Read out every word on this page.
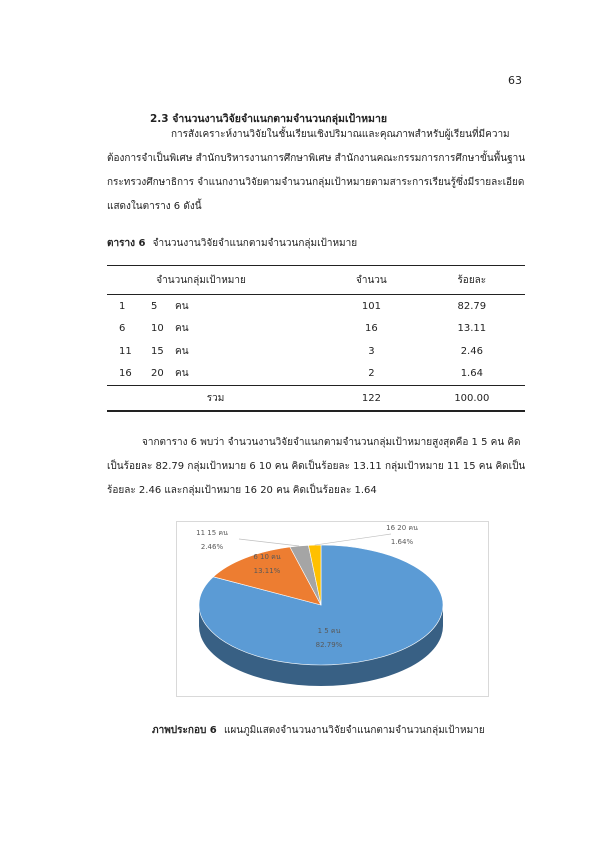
63
2.3 จำนวนงานวิจัยจำแนกตามจำนวนกลุ่มเป้าหมาย
การสังเคราะห์งานวิจัยในชั้นเรียนเชิงปริมาณและคุณภาพสำหรับผู้เรียนที่มีความ
ต้องการจำเป็นพิเศษ สำนักบริหารงานการศึกษาพิเศษ สำนักงานคณะกรรมการการศึกษาขั้นพื้นฐาน
กระทรวงศึกษาธิการ จำแนกงานวิจัยตามจำนวนกลุ่มเป้าหมายตามสาระการเรียนรู้ซึ่งมีรายละเอียด
แสดงในตาราง 6 ดังนี้
ตาราง 6 จำนวนงานวิจัยจำแนกตามจำนวนกลุ่มเป้าหมาย
จำนวนกลุ่มเป้าหมาย	จำนวน	ร้อยละ
1 5 คน	101	82.79
6 10 คน	16	13.11
11 15 คน	3	2.46
16 20 คน	2	1.64
รวม	122	100.00
จากตาราง 6 พบว่า จำนวนงานวิจัยจำแนกตามจำนวนกลุ่มเป้าหมายสูงสุดคือ 1 5 คน คิด
เป็นร้อยละ 82.79 กลุ่มเป้าหมาย 6 10 คน คิดเป็นร้อยละ 13.11 กลุ่มเป้าหมาย 11 15 คน คิดเป็น
ร้อยละ 2.46 และกลุ่มเป้าหมาย 16 20 คน คิดเป็นร้อยละ 1.64
1 5 คน
82.79%
6 10 คน
13.11%
11 15 คน
2.46%
16 20 คน
1.64%
ภาพประกอบ 6 แผนภูมิแสดงจำนวนงานวิจัยจำแนกตามจำนวนกลุ่มเป้าหมาย
